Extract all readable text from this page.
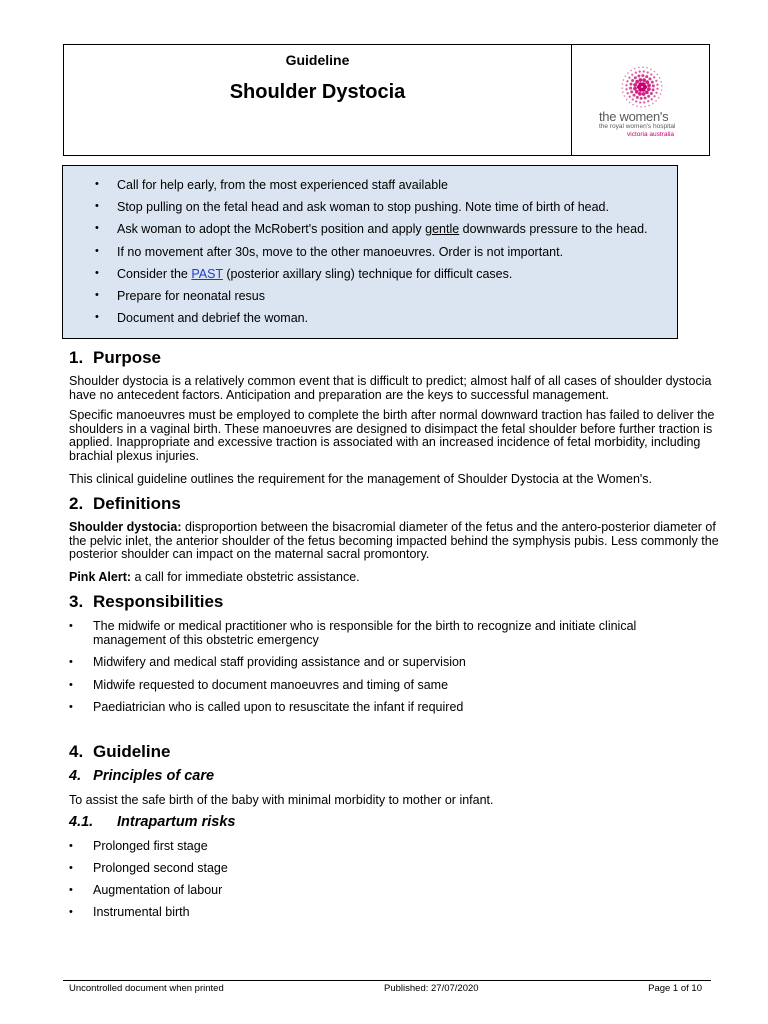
Guideline
Shoulder Dystocia
the women's
the royal women's hospital
victoria australia
• Call for help early, from the most experienced staff available
• Stop pulling on the fetal head and ask woman to stop pushing. Note time of birth of head.
• Ask woman to adopt the McRobert's position and apply gentle downwards pressure to the head.
• If no movement after 30s, move to the other manoeuvres. Order is not important.
• Consider the PAST (posterior axillary sling) technique for difficult cases.
• Prepare for neonatal resus
• Document and debrief the woman.
1. Purpose
Shoulder dystocia is a relatively common event that is difficult to predict; almost half of all cases of shoulder dystocia have no antecedent factors. Anticipation and preparation are the keys to successful management.
Specific manoeuvres must be employed to complete the birth after normal downward traction has failed to deliver the shoulders in a vaginal birth. These manoeuvres are designed to disimpact the fetal shoulder before further traction is applied. Inappropriate and excessive traction is associated with an increased incidence of fetal morbidity, including brachial plexus injuries.
This clinical guideline outlines the requirement for the management of Shoulder Dystocia at the Women's.
2. Definitions
Shoulder dystocia: disproportion between the bisacromial diameter of the fetus and the antero-posterior diameter of the pelvic inlet, the anterior shoulder of the fetus becoming impacted behind the symphysis pubis. Less commonly the posterior shoulder can impact on the maternal sacral promontory.
Pink Alert: a call for immediate obstetric assistance.
3. Responsibilities
• The midwife or medical practitioner who is responsible for the birth to recognize and initiate clinical management of this obstetric emergency
• Midwifery and medical staff providing assistance and or supervision
• Midwife requested to document manoeuvres and timing of same
• Paediatrician who is called upon to resuscitate the infant if required
4. Guideline
4.   Principles of care
To assist the safe birth of the baby with minimal morbidity to mother or infant.
4.1. Intrapartum risks
• Prolonged first stage
• Prolonged second stage
• Augmentation of labour
• Instrumental birth
Uncontrolled document when printed	Published: 27/07/2020	Page 1 of 10
